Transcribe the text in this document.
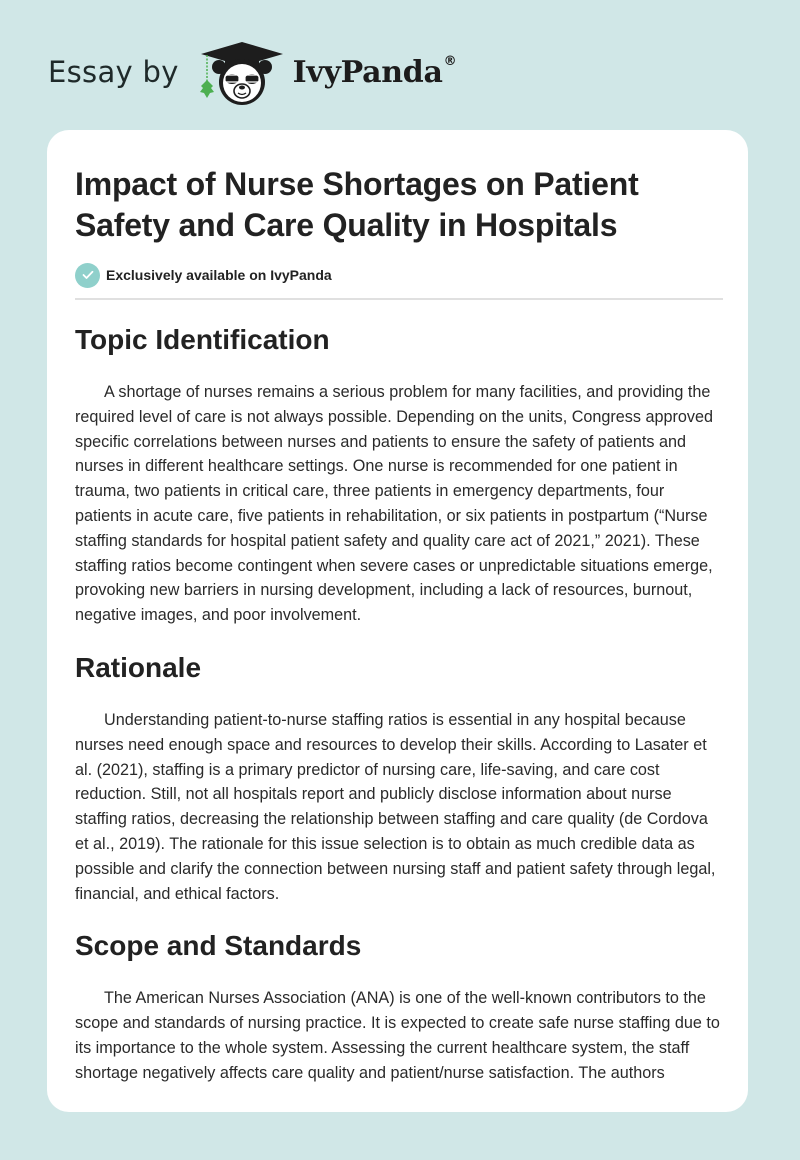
Essay by	IvyPanda®
Impact of Nurse Shortages on Patient Safety and Care Quality in Hospitals
Exclusively available on IvyPanda
Topic Identification

A shortage of nurses remains a serious problem for many facilities, and providing the required level of care is not always possible. Depending on the units, Congress approved specific correlations between nurses and patients to ensure the safety of patients and nurses in different healthcare settings. One nurse is recommended for one patient in trauma, two patients in critical care, three patients in emergency departments, four patients in acute care, five patients in rehabilitation, or six patients in postpartum (“Nurse staffing standards for hospital patient safety and quality care act of 2021,” 2021). These staffing ratios become contingent when severe cases or unpredictable situations emerge, provoking new barriers in nursing development, including a lack of resources, burnout, negative images, and poor involvement.

Rationale

Understanding patient-to-nurse staffing ratios is essential in any hospital because nurses need enough space and resources to develop their skills. According to Lasater et al. (2021), staffing is a primary predictor of nursing care, life-saving, and care cost reduction. Still, not all hospitals report and publicly disclose information about nurse staffing ratios, decreasing the relationship between staffing and care quality (de Cordova et al., 2019). The rationale for this issue selection is to obtain as much credible data as possible and clarify the connection between nursing staff and patient safety through legal, financial, and ethical factors.

Scope and Standards

The American Nurses Association (ANA) is one of the well-known contributors to the scope and standards of nursing practice. It is expected to create safe nurse staffing due to its importance to the whole system. Assessing the current healthcare system, the staff shortage negatively affects care quality and patient/nurse satisfaction. The authors
